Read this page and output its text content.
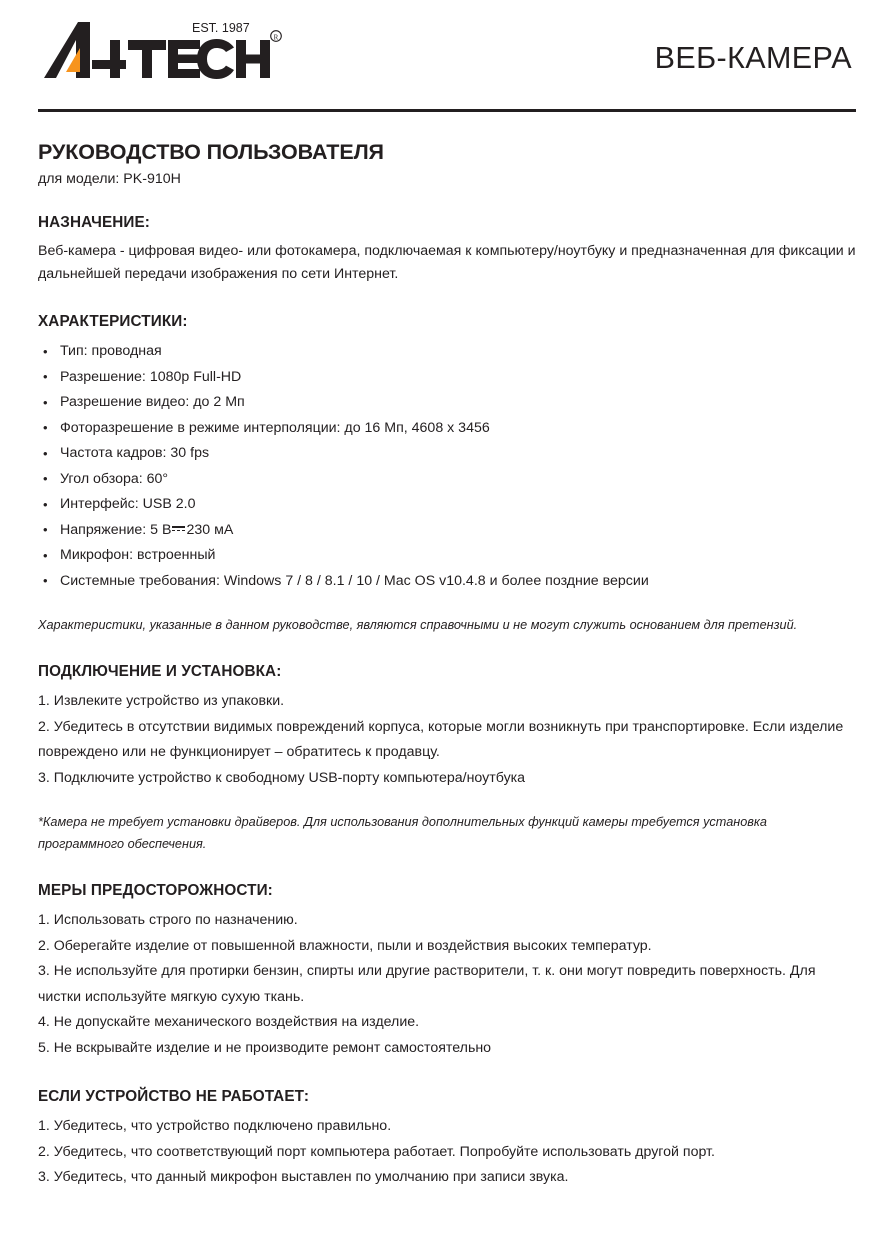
EST. 1987
R
ВЕБ-КАМЕРА
РУКОВОДСТВО ПОЛЬЗОВАТЕЛЯ
для модели: PK-910H
НАЗНАЧЕНИЕ:

Веб-камера - цифровая видео- или фотокамера, подключаемая к компьютеру/ноутбуку и предназначенная для фиксации и дальнейшей передачи изображения по сети Интернет.

ХАРАКТЕРИСТИКИ:
• Тип: проводная
• Разрешение: 1080p Full-HD
• Разрешение видео: до 2 Мп
• Фоторазрешение в режиме интерполяции: до 16 Мп, 4608 x 3456
• Частота кадров: 30 fps
• Угол обзора: 60°
• Интерфейс: USB 2.0
• Напряжение: 5 В 230 мА
• Микрофон: встроенный
• Системные требования: Windows 7 / 8 / 8.1 / 10 / Mac OS v10.4.8 и более поздние версии

Характеристики, указанные в данном руководстве, являются справочными и не могут служить основанием для претензий.

ПОДКЛЮЧЕНИЕ И УСТАНОВКА:

1. Извлеките устройство из упаковки.

2. Убедитесь в отсутствии видимых повреждений корпуса, которые могли возникнуть при транспортировке. Если изделие повреждено или не функционирует – обратитесь к продавцу.

3. Подключите устройство к свободному USB-порту компьютера/ноутбука

*Камера не требует установки драйверов. Для использования дополнительных функций камеры требуется установка программного обеспечения.

МЕРЫ ПРЕДОСТОРОЖНОСТИ:

1. Использовать строго по назначению.

2. Оберегайте изделие от повышенной влажности, пыли и воздействия высоких температур.

3. Не используйте для протирки бензин, спирты или другие растворители, т. к. они могут повредить поверхность. Для чистки используйте мягкую сухую ткань.

4. Не допускайте механического воздействия на изделие.

5. Не вскрывайте изделие и не производите ремонт самостоятельно

ЕСЛИ УСТРОЙСТВО НЕ РАБОТАЕТ:

1. Убедитесь, что устройство подключено правильно.

2. Убедитесь, что соответствующий порт компьютера работает. Попробуйте использовать другой порт.

3. Убедитесь, что данный микрофон выставлен по умолчанию при записи звука.
